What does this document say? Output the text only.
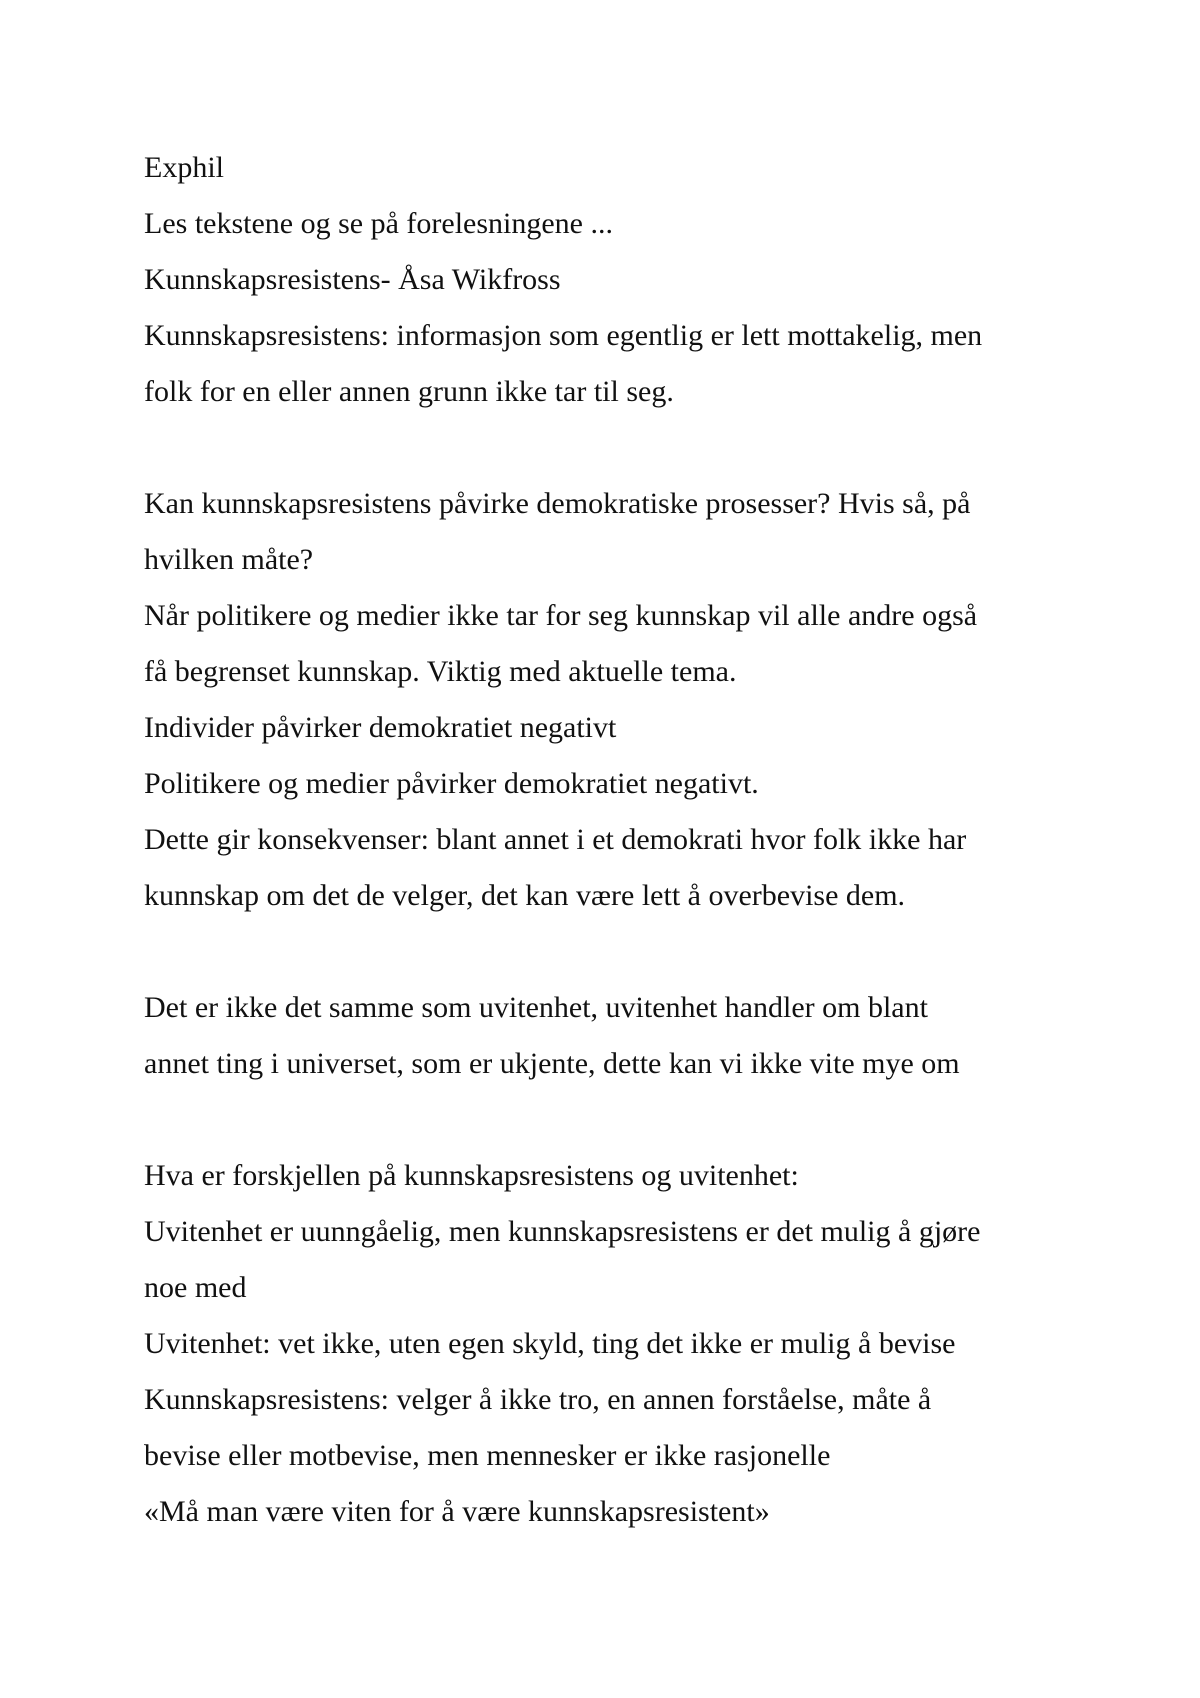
Exphil

Les tekstene og se på forelesningene ...

Kunnskapsresistens- Åsa Wikfross

Kunnskapsresistens: informasjon som egentlig er lett mottakelig, men

folk for en eller annen grunn ikke tar til seg.

Kan kunnskapsresistens påvirke demokratiske prosesser? Hvis så, på

hvilken måte?

Når politikere og medier ikke tar for seg kunnskap vil alle andre også

få begrenset kunnskap. Viktig med aktuelle tema.

Individer påvirker demokratiet negativt

Politikere og medier påvirker demokratiet negativt.

Dette gir konsekvenser: blant annet i et demokrati hvor folk ikke har

kunnskap om det de velger, det kan være lett å overbevise dem.

Det er ikke det samme som uvitenhet, uvitenhet handler om blant

annet ting i universet, som er ukjente, dette kan vi ikke vite mye om

Hva er forskjellen på kunnskapsresistens og uvitenhet:

Uvitenhet er uunngåelig, men kunnskapsresistens er det mulig å gjøre

noe med

Uvitenhet: vet ikke, uten egen skyld, ting det ikke er mulig å bevise

Kunnskapsresistens: velger å ikke tro, en annen forståelse, måte å

bevise eller motbevise, men mennesker er ikke rasjonelle

«Må man være viten for å være kunnskapsresistent»
